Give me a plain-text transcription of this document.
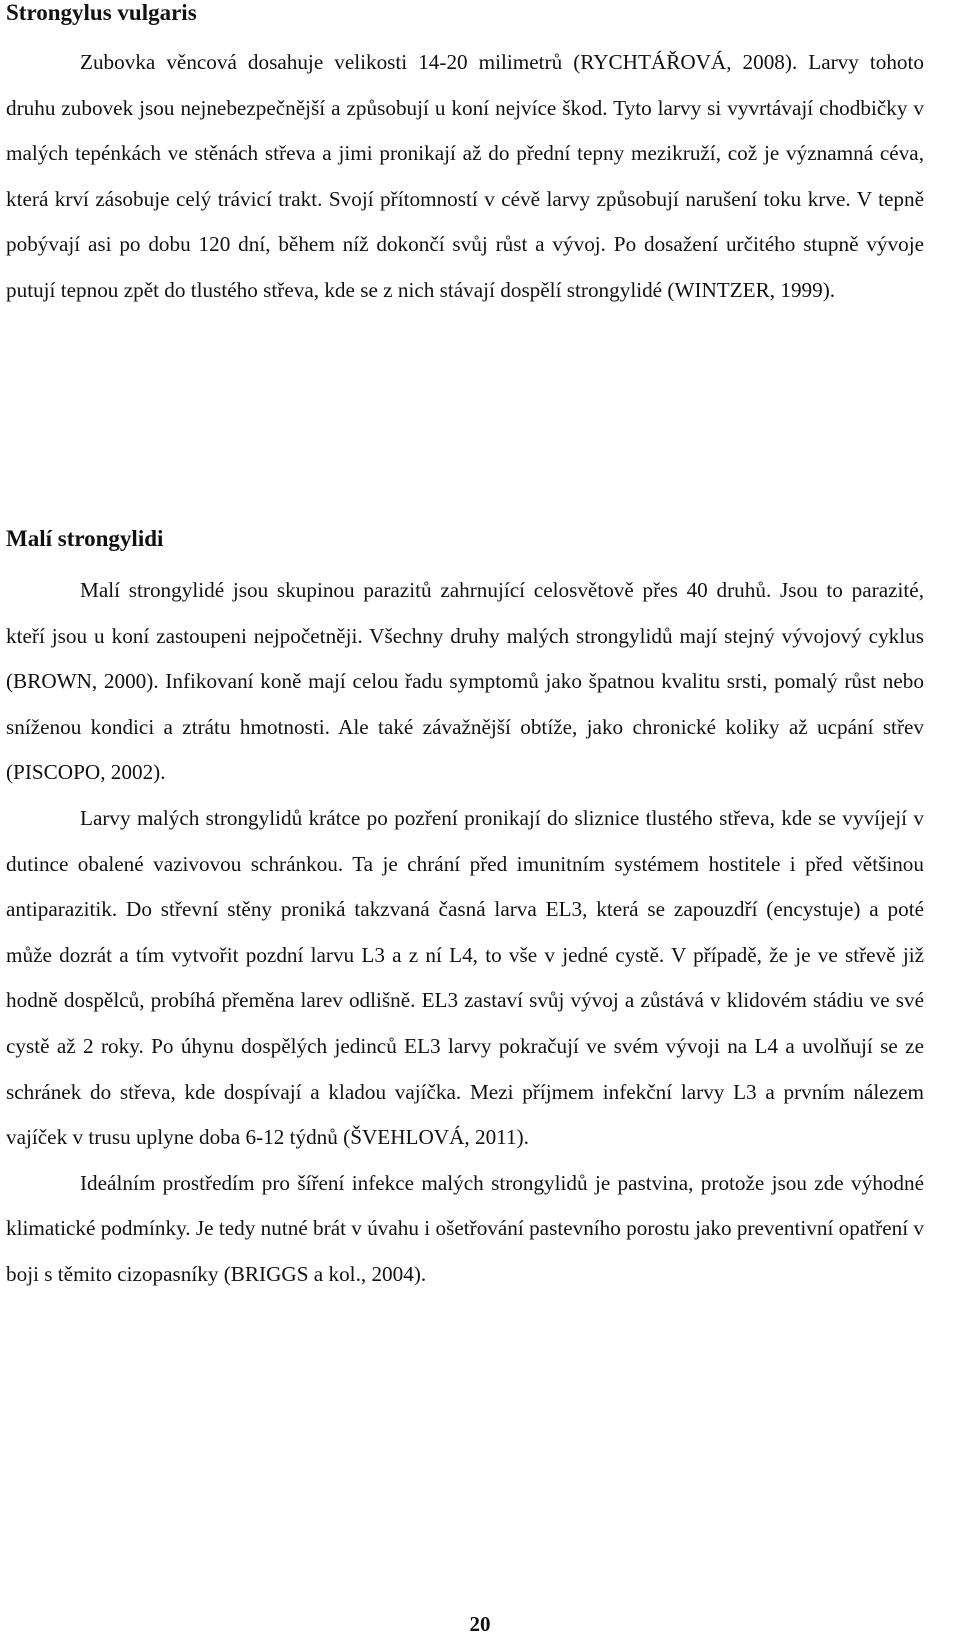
Strongylus vulgaris

Zubovka věncová dosahuje velikosti 14-20 milimetrů (RYCHTÁŘOVÁ, 2008). Larvy tohoto druhu zubovek jsou nejnebezpečnější a způsobují u koní nejvíce škod. Tyto larvy si vyvrtávají chodbičky v malých tepénkách ve stěnách střeva a jimi pronikají až do přední tepny mezikruží, což je významná céva, která krví zásobuje celý trávicí trakt. Svojí přítomností v cévě larvy způsobují narušení toku krve. V tepně pobývají asi po dobu 120 dní, během níž dokončí svůj růst a vývoj. Po dosažení určitého stupně vývoje putují tepnou zpět do tlustého střeva, kde se z nich stávají dospělí strongylidé (WINTZER, 1999).

Malí strongylidi

Malí strongylidé jsou skupinou parazitů zahrnující celosvětově přes 40 druhů. Jsou to parazité, kteří jsou u koní zastoupeni nejpočetněji. Všechny druhy malých strongylidů mají stejný vývojový cyklus (BROWN, 2000). Infikovaní koně mají celou řadu symptomů jako špatnou kvalitu srsti, pomalý růst nebo sníženou kondici a ztrátu hmotnosti. Ale také závažnější obtíže, jako chronické koliky až ucpání střev (PISCOPO, 2002).

Larvy malých strongylidů krátce po pozření pronikají do sliznice tlustého střeva, kde se vyvíjejí v dutince obalené vazivovou schránkou. Ta je chrání před imunitním systémem hostitele i před většinou antiparazitik. Do střevní stěny proniká takzvaná časná larva EL3, která se zapouzdří (encystuje) a poté může dozrát a tím vytvořit pozdní larvu L3 a z ní L4, to vše v jedné cystě. V případě, že je ve střevě již hodně dospělců, probíhá přeměna larev odlišně. EL3 zastaví svůj vývoj a zůstává v klidovém stádiu ve své cystě až 2 roky. Po úhynu dospělých jedinců EL3 larvy pokračují ve svém vývoji na L4 a uvolňují se ze schránek do střeva, kde dospívají a kladou vajíčka. Mezi příjmem infekční larvy L3 a prvním nálezem vajíček v trusu uplyne doba 6-12 týdnů (ŠVEHLOVÁ, 2011).

Ideálním prostředím pro šíření infekce malých strongylidů je pastvina, protože jsou zde výhodné klimatické podmínky. Je tedy nutné brát v úvahu i ošetřování pastevního porostu jako preventivní opatření v boji s těmito cizopasníky (BRIGGS a kol., 2004).

20
